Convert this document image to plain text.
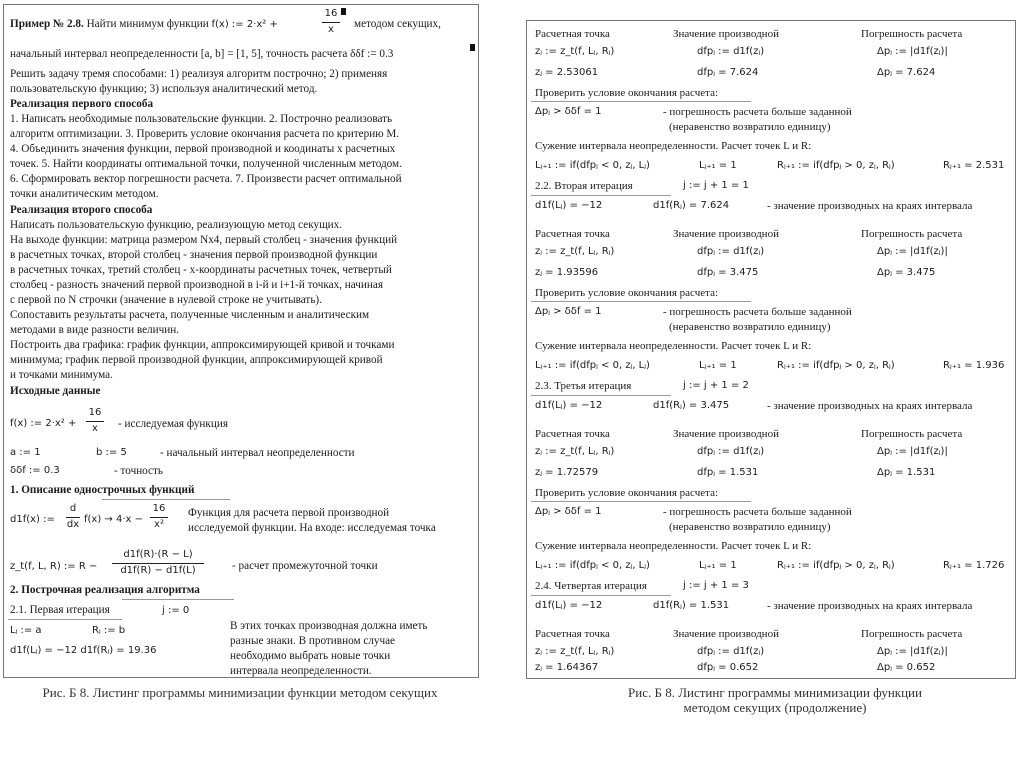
Пример № 2.8. Найти минимум функции f(x) := 2·x² +
16
x	методом секущих,
начальный интервал неопределенности [a, b] = [1, 5], точность расчета δδf := 0.3
Решить задачу тремя способами: 1) реализуя алгоритм построчно; 2) применяя
пользовательскую функцию; 3) используя аналитический метод.
Реализация первого способа
1. Написать необходимые пользовательские функции. 2. Построчно реализовать
алгоритм оптимизации. 3. Проверить условие окончания расчета по критерию M.
4. Объединить значения функции, первой производной и коодинаты х расчетных
точек. 5. Найти координаты оптимальной точки, полученной численным методом.
6. Сформировать вектор погрешности расчета. 7. Произвести расчет оптимальной
точки аналитическим методом.
Реализация второго способа
Написать пользовательскую функцию, реализующую метод секущих.
На выходе функции: матрица размером Nx4, первый столбец - значения функций
в расчетных точках, второй столбец - значения первой производной функции
в расчетных точках, третий столбец - х-координаты расчетных точек, четвертый
столбец - разность значений первой производной в i-й и i+1-й точках, начиная
с первой по N строчки (значение в нулевой строке не учитывать).
Сопоставить результаты расчета, полученные численным и аналитическим
методами в виде разности величин.
Построить два графика: график функции, аппроксимирующей кривой и точками
минимума; график первой производной функции, аппроксимирующей кривой
и точками минимума.
Исходные данные
f(x) := 2·x² +
16
x	- исследуемая функция
a := 1	b := 5	- начальный интервал неопределенности
δδf := 0.3	- точность
1. Описание однострочных функций
d1f(x) :=
d
dx f(x) → 4·x −
16
x²
Функция для расчета первой производной
исследуемой функции. На входе: исследуемая точка
z_t(f, L, R) := R −
d1f(R)·(R − L)
d1f(R) − d1f(L)	- расчет промежуточной точки
2. Построчная реализация алгоритма
2.1. Первая итерация	j := 0
Lⱼ := a	Rⱼ := b
d1f(Lⱼ) = −12 d1f(Rⱼ) = 19.36
В этих точках производная должна иметь
разные знаки. В противном случае
необходимо выбрать новые точки
интервала неопределенности.
Рис. Б 8. Листинг программы минимизации функции методом секущих
Расчетная точка	Значение производной	Погрешность расчета
zⱼ := z_t(f, Lⱼ, Rⱼ)	dfpⱼ := d1f(zⱼ)	Δpⱼ := |d1f(zⱼ)|
zⱼ = 2.53061	dfpⱼ = 7.624	Δpⱼ = 7.624
Проверить условие окончания расчета:
Δpⱼ > δδf = 1	- погрешность расчета больше заданной
(неравенство возвратило единицу)
Сужение интервала неопределенности. Расчет точек L и R:
Lⱼ₊₁ := if(dfpⱼ < 0, zⱼ, Lⱼ)	Lⱼ₊₁ = 1	Rⱼ₊₁ := if(dfpⱼ > 0, zⱼ, Rⱼ)	Rⱼ₊₁ = 2.531
2.2. Вторая итерация	j := j + 1 = 1
d1f(Lⱼ) = −12	d1f(Rⱼ) = 7.624	- значение производных на краях интервала
Расчетная точка	Значение производной	Погрешность расчета
zⱼ := z_t(f, Lⱼ, Rⱼ)	dfpⱼ := d1f(zⱼ)	Δpⱼ := |d1f(zⱼ)|
zⱼ = 1.93596	dfpⱼ = 3.475	Δpⱼ = 3.475
Проверить условие окончания расчета:
Δpⱼ > δδf = 1	- погрешность расчета больше заданной
(неравенство возвратило единицу)
Сужение интервала неопределенности. Расчет точек L и R:
Lⱼ₊₁ := if(dfpⱼ < 0, zⱼ, Lⱼ)	Lⱼ₊₁ = 1	Rⱼ₊₁ := if(dfpⱼ > 0, zⱼ, Rⱼ)	Rⱼ₊₁ = 1.936
2.3. Третья итерация	j := j + 1 = 2
d1f(Lⱼ) = −12	d1f(Rⱼ) = 3.475	- значение производных на краях интервала
Расчетная точка	Значение производной	Погрешность расчета
zⱼ := z_t(f, Lⱼ, Rⱼ)	dfpⱼ := d1f(zⱼ)	Δpⱼ := |d1f(zⱼ)|
zⱼ = 1.72579	dfpⱼ = 1.531	Δpⱼ = 1.531
Проверить условие окончания расчета:
Δpⱼ > δδf = 1	- погрешность расчета больше заданной
(неравенство возвратило единицу)
Сужение интервала неопределенности. Расчет точек L и R:
Lⱼ₊₁ := if(dfpⱼ < 0, zⱼ, Lⱼ)	Lⱼ₊₁ = 1	Rⱼ₊₁ := if(dfpⱼ > 0, zⱼ, Rⱼ)	Rⱼ₊₁ = 1.726
2.4. Четвертая итерация	j := j + 1 = 3
d1f(Lⱼ) = −12	d1f(Rⱼ) = 1.531	- значение производных на краях интервала
Расчетная точка	Значение производной	Погрешность расчета
zⱼ := z_t(f, Lⱼ, Rⱼ)	dfpⱼ := d1f(zⱼ)	Δpⱼ := |d1f(zⱼ)|
zⱼ = 1.64367	dfpⱼ = 0.652	Δpⱼ = 0.652
Рис. Б 8. Листинг программы минимизации функции
методом секущих (продолжение)
